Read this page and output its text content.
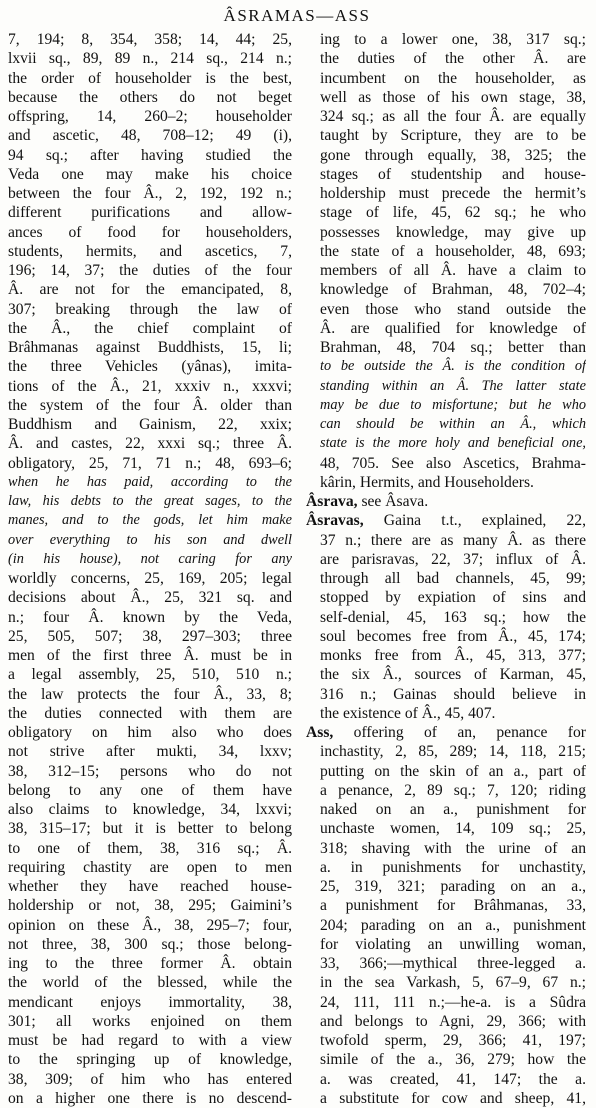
ÂSRAMAS—ASS
7, 194; 8, 354, 358; 14, 44; 25,
lxvii sq., 89, 89 n., 214 sq., 214 n.;
the order of householder is the best,
because the others do not beget
offspring, 14, 260–2; householder
and ascetic, 48, 708–12; 49 (i),
94 sq.; after having studied the
Veda one may make his choice
between the four Â., 2, 192, 192 n.;
different purifications and allow-
ances of food for householders,
students, hermits, and ascetics, 7,
196; 14, 37; the duties of the four
Â. are not for the emancipated, 8,
307; breaking through the law of
the Â., the chief complaint of
Brâhmanas against Buddhists, 15, li;
the three Vehicles (yânas), imita-
tions of the Â., 21, xxxiv n., xxxvi;
the system of the four Â. older than
Buddhism and Gainism, 22, xxix;
Â. and castes, 22, xxxi sq.; three Â.
obligatory, 25, 71, 71 n.; 48, 693–6;
when he has paid, according to the
law, his debts to the great sages, to the
manes, and to the gods, let him make
over everything to his son and dwell
(in his house), not caring for any
worldly concerns, 25, 169, 205; legal
decisions about Â., 25, 321 sq. and
n.; four Â. known by the Veda,
25, 505, 507; 38, 297–303; three
men of the first three Â. must be in
a legal assembly, 25, 510, 510 n.;
the law protects the four Â., 33, 8;
the duties connected with them are
obligatory on him also who does
not strive after mukti, 34, lxxv;
38, 312–15; persons who do not
belong to any one of them have
also claims to knowledge, 34, lxxvi;
38, 315–17; but it is better to belong
to one of them, 38, 316 sq.; Â.
requiring chastity are open to men
whether they have reached house-
holdership or not, 38, 295; Gaimini’s
opinion on these Â., 38, 295–7; four,
not three, 38, 300 sq.; those belong-
ing to the three former Â. obtain
the world of the blessed, while the
mendicant enjoys immortality, 38,
301; all works enjoined on them
must be had regard to with a view
to the springing up of knowledge,
38, 309; of him who has entered
on a higher one there is no descend-
ing to a lower one, 38, 317 sq.;
the duties of the other Â. are
incumbent on the householder, as
well as those of his own stage, 38,
324 sq.; as all the four Â. are equally
taught by Scripture, they are to be
gone through equally, 38, 325; the
stages of studentship and house-
holdership must precede the hermit’s
stage of life, 45, 62 sq.; he who
possesses knowledge, may give up
the state of a householder, 48, 693;
members of all Â. have a claim to
knowledge of Brahman, 48, 702–4;
even those who stand outside the
Â. are qualified for knowledge of
Brahman, 48, 704 sq.; better than
to be outside the Â. is the condition of
standing within an Â. The latter state
may be due to misfortune; but he who
can should be within an Â., which
state is the more holy and beneficial one,
48, 705. See also Ascetics, Brahma-
kârin, Hermits, and Householders.
Âsrava, see Âsava.
Âsravas, Gaina t.t., explained, 22,
37 n.; there are as many Â. as there
are parisravas, 22, 37; influx of Â.
through all bad channels, 45, 99;
stopped by expiation of sins and
self-denial, 45, 163 sq.; how the
soul becomes free from Â., 45, 174;
monks free from Â., 45, 313, 377;
the six Â., sources of Karman, 45,
316 n.; Gainas should believe in
the existence of Â., 45, 407.
Ass, offering of an, penance for
inchastity, 2, 85, 289; 14, 118, 215;
putting on the skin of an a., part of
a penance, 2, 89 sq.; 7, 120; riding
naked on an a., punishment for
unchaste women, 14, 109 sq.; 25,
318; shaving with the urine of an
a. in punishments for unchastity,
25, 319, 321; parading on an a.,
a punishment for Brâhmanas, 33,
204; parading on an a., punishment
for violating an unwilling woman,
33, 366;—mythical three-legged a.
in the sea Varkash, 5, 67–9, 67 n.;
24, 111, 111 n.;—he-a. is a Sûdra
and belongs to Agni, 29, 366; with
twofold sperm, 29, 366; 41, 197;
simile of the a., 36, 279; how the
a. was created, 41, 147; the a.
a substitute for cow and sheep, 41,
